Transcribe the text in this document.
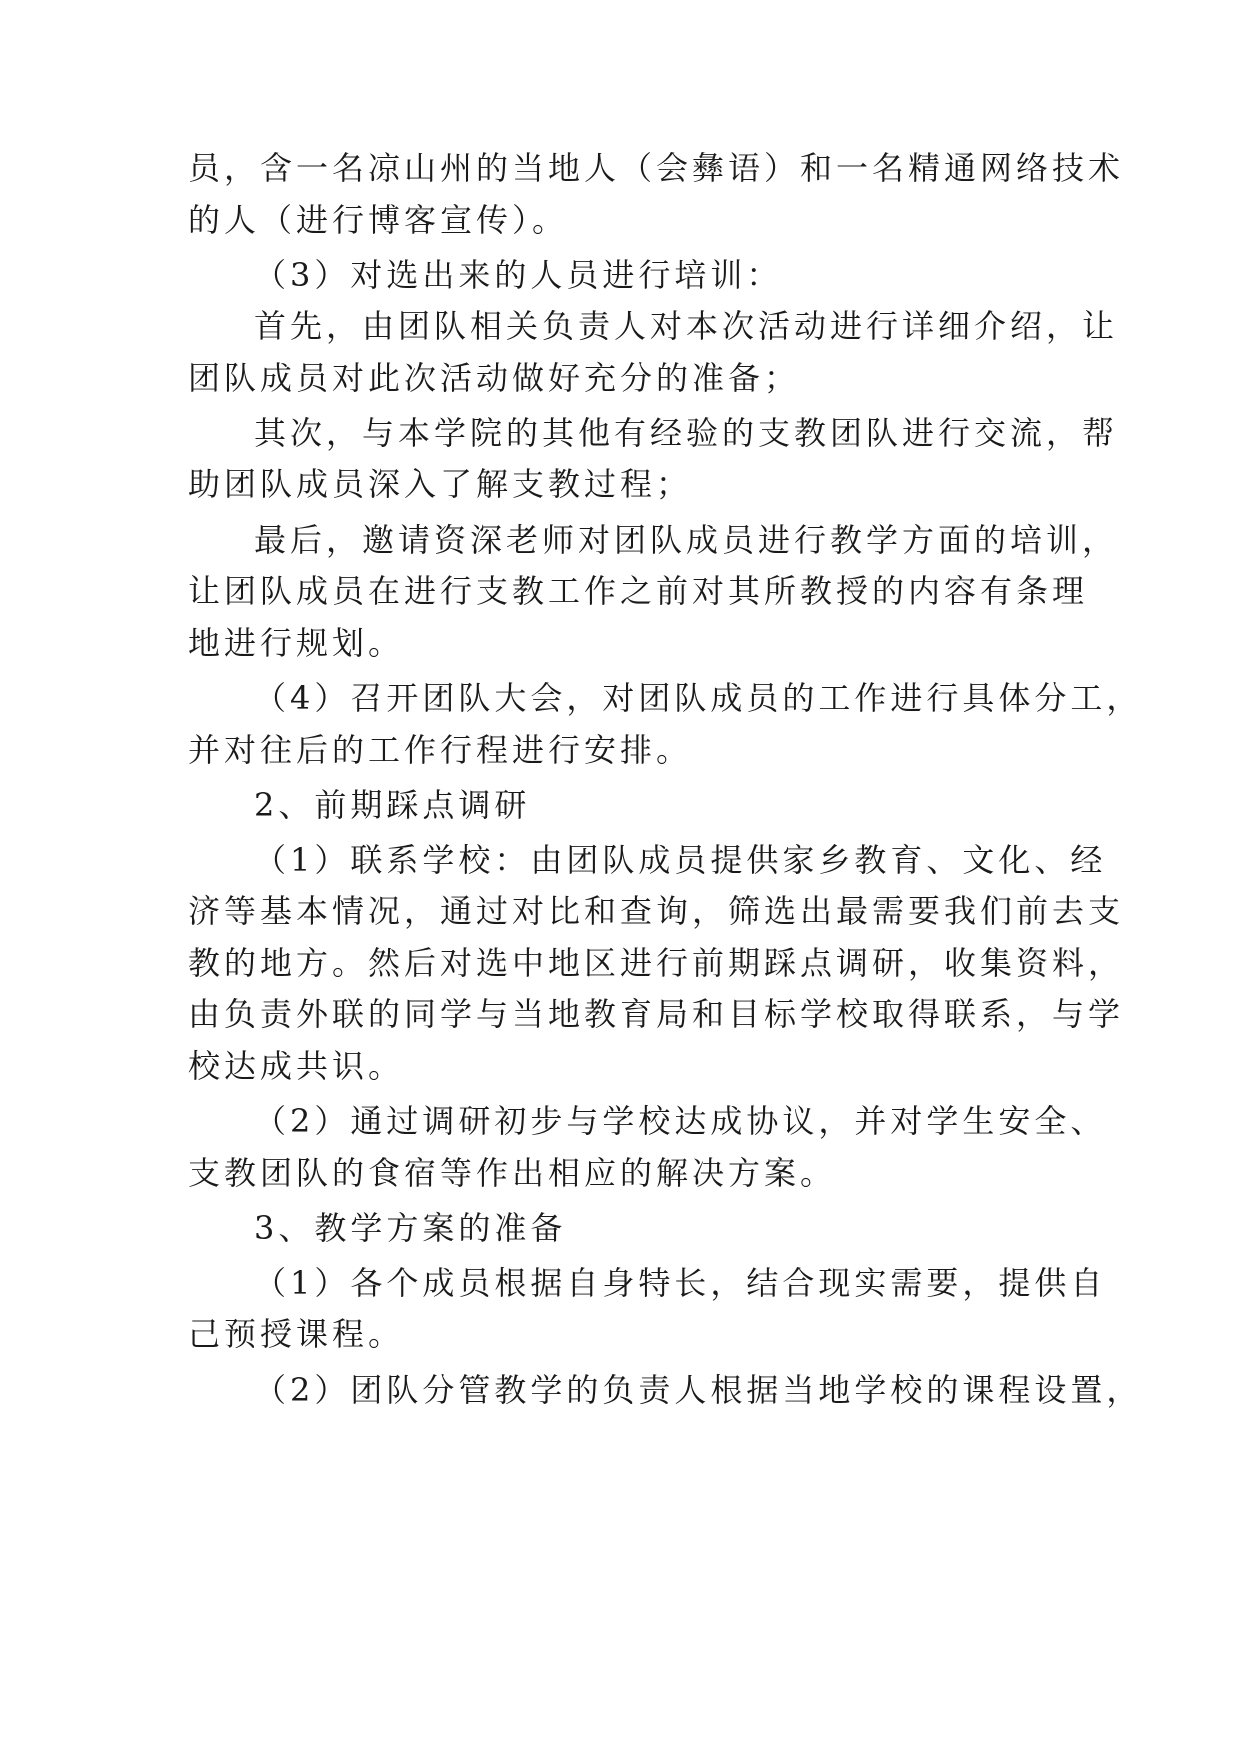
员，含一名凉山州的当地人（会彝语）和一名精通网络技术
的人（进行博客宣传）。
（3）对选出来的人员进行培训：
首先，由团队相关负责人对本次活动进行详细介绍，让
团队成员对此次活动做好充分的准备；
其次，与本学院的其他有经验的支教团队进行交流，帮
助团队成员深入了解支教过程；
最后，邀请资深老师对团队成员进行教学方面的培训，
让团队成员在进行支教工作之前对其所教授的内容有条理
地进行规划。
（4）召开团队大会，对团队成员的工作进行具体分工，
并对往后的工作行程进行安排。
2、前期踩点调研
（1）联系学校：由团队成员提供家乡教育、文化、经
济等基本情况，通过对比和查询，筛选出最需要我们前去支
教的地方。然后对选中地区进行前期踩点调研，收集资料，
由负责外联的同学与当地教育局和目标学校取得联系，与学
校达成共识。
（2）通过调研初步与学校达成协议，并对学生安全、
支教团队的食宿等作出相应的解决方案。
3、教学方案的准备
（1）各个成员根据自身特长，结合现实需要，提供自
己预授课程。
（2）团队分管教学的负责人根据当地学校的课程设置，
